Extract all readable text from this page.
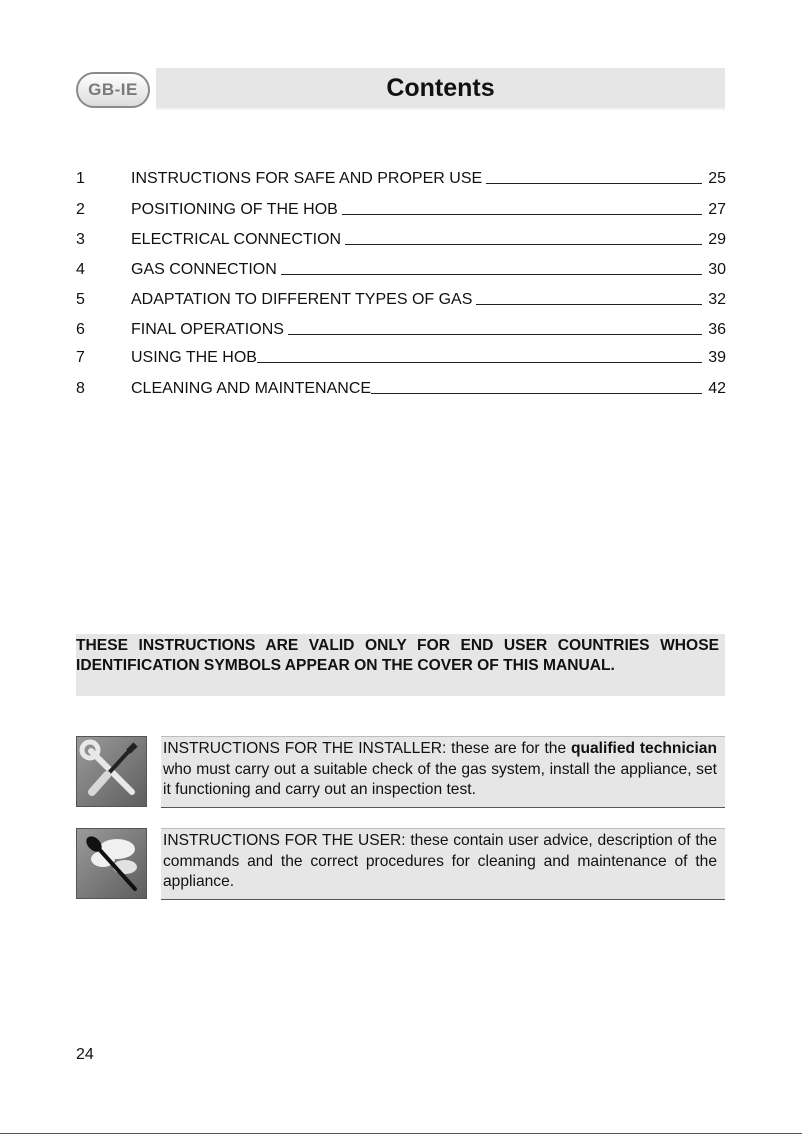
GB-IE	Contents
1	INSTRUCTIONS FOR SAFE AND PROPER USE	25
2	POSITIONING OF THE HOB	27
3	ELECTRICAL CONNECTION	29
4	GAS CONNECTION	30
5	ADAPTATION TO DIFFERENT TYPES OF GAS	32
6	FINAL OPERATIONS	36
7	USING THE HOB	39
8	CLEANING AND MAINTENANCE	42
THESE INSTRUCTIONS ARE VALID ONLY FOR END USER COUNTRIES WHOSE IDENTIFICATION SYMBOLS APPEAR ON THE COVER OF THIS MANUAL.
INSTRUCTIONS FOR THE INSTALLER: these are for the qualified technician who must carry out a suitable check of the gas system, install the appliance, set it functioning and carry out an inspection test.
INSTRUCTIONS FOR THE USER: these contain user advice, description of the commands and the correct procedures for cleaning and maintenance of the appliance.
24
